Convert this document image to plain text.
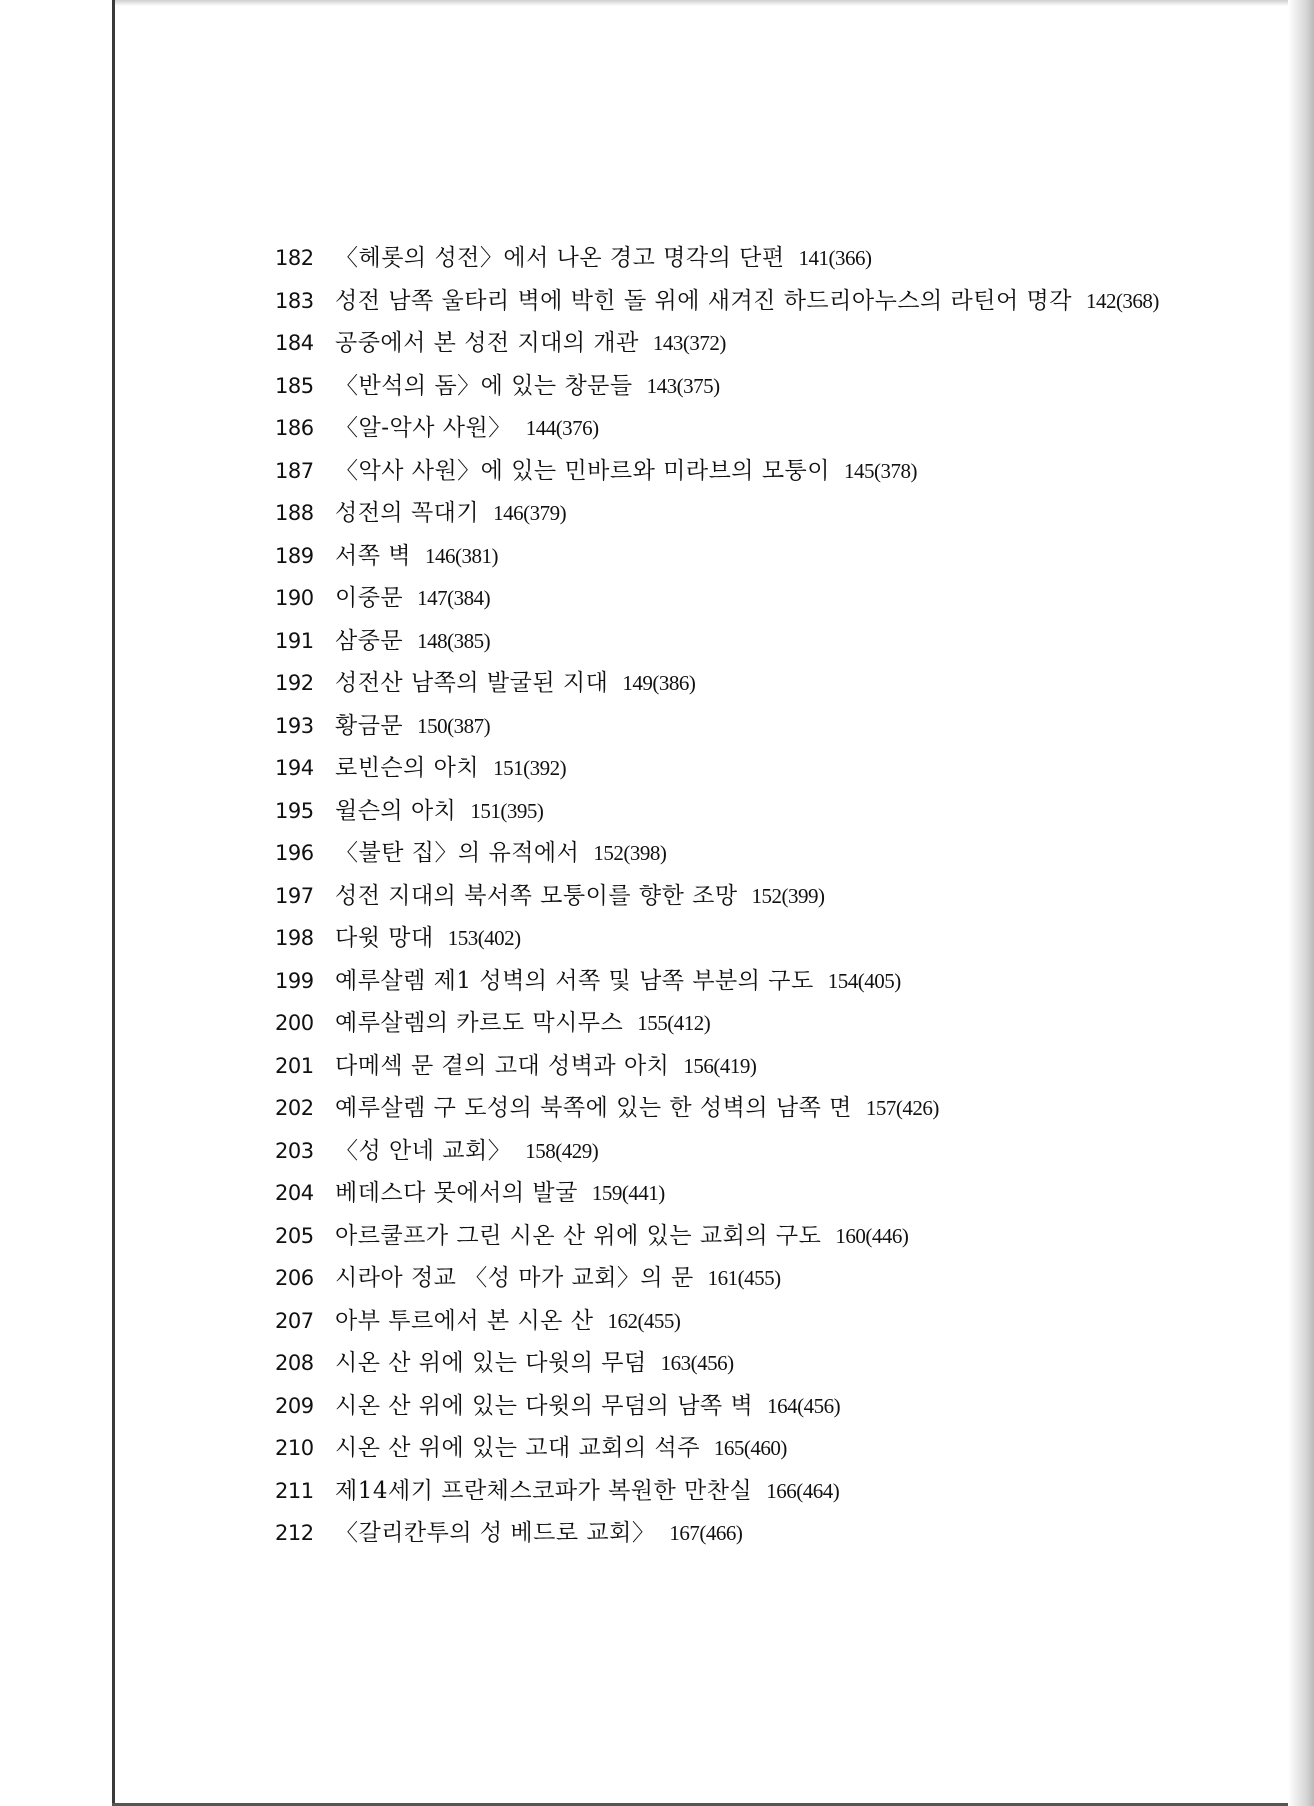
182 〈헤롯의 성전〉에서 나온 경고 명각의 단편 141(366)
183 성전 남쪽 울타리 벽에 박힌 돌 위에 새겨진 하드리아누스의 라틴어 명각 142(368)
184 공중에서 본 성전 지대의 개관 143(372)
185 〈반석의 돔〉에 있는 창문들 143(375)
186 〈알-악사 사원〉 144(376)
187 〈악사 사원〉에 있는 민바르와 미라브의 모퉁이 145(378)
188 성전의 꼭대기 146(379)
189 서쪽 벽 146(381)
190 이중문 147(384)
191 삼중문 148(385)
192 성전산 남쪽의 발굴된 지대 149(386)
193 황금문 150(387)
194 로빈슨의 아치 151(392)
195 윌슨의 아치 151(395)
196 〈불탄 집〉의 유적에서 152(398)
197 성전 지대의 북서쪽 모퉁이를 향한 조망 152(399)
198 다윗 망대 153(402)
199 예루살렘 제1 성벽의 서쪽 및 남쪽 부분의 구도 154(405)
200 예루살렘의 카르도 막시무스 155(412)
201 다메섹 문 곁의 고대 성벽과 아치 156(419)
202 예루살렘 구 도성의 북쪽에 있는 한 성벽의 남쪽 면 157(426)
203 〈성 안네 교회〉 158(429)
204 베데스다 못에서의 발굴 159(441)
205 아르쿨프가 그린 시온 산 위에 있는 교회의 구도 160(446)
206 시라아 정교 〈성 마가 교회〉의 문 161(455)
207 아부 투르에서 본 시온 산 162(455)
208 시온 산 위에 있는 다윗의 무덤 163(456)
209 시온 산 위에 있는 다윗의 무덤의 남쪽 벽 164(456)
210 시온 산 위에 있는 고대 교회의 석주 165(460)
211 제14세기 프란체스코파가 복원한 만찬실 166(464)
212 〈갈리칸투의 성 베드로 교회〉 167(466)
